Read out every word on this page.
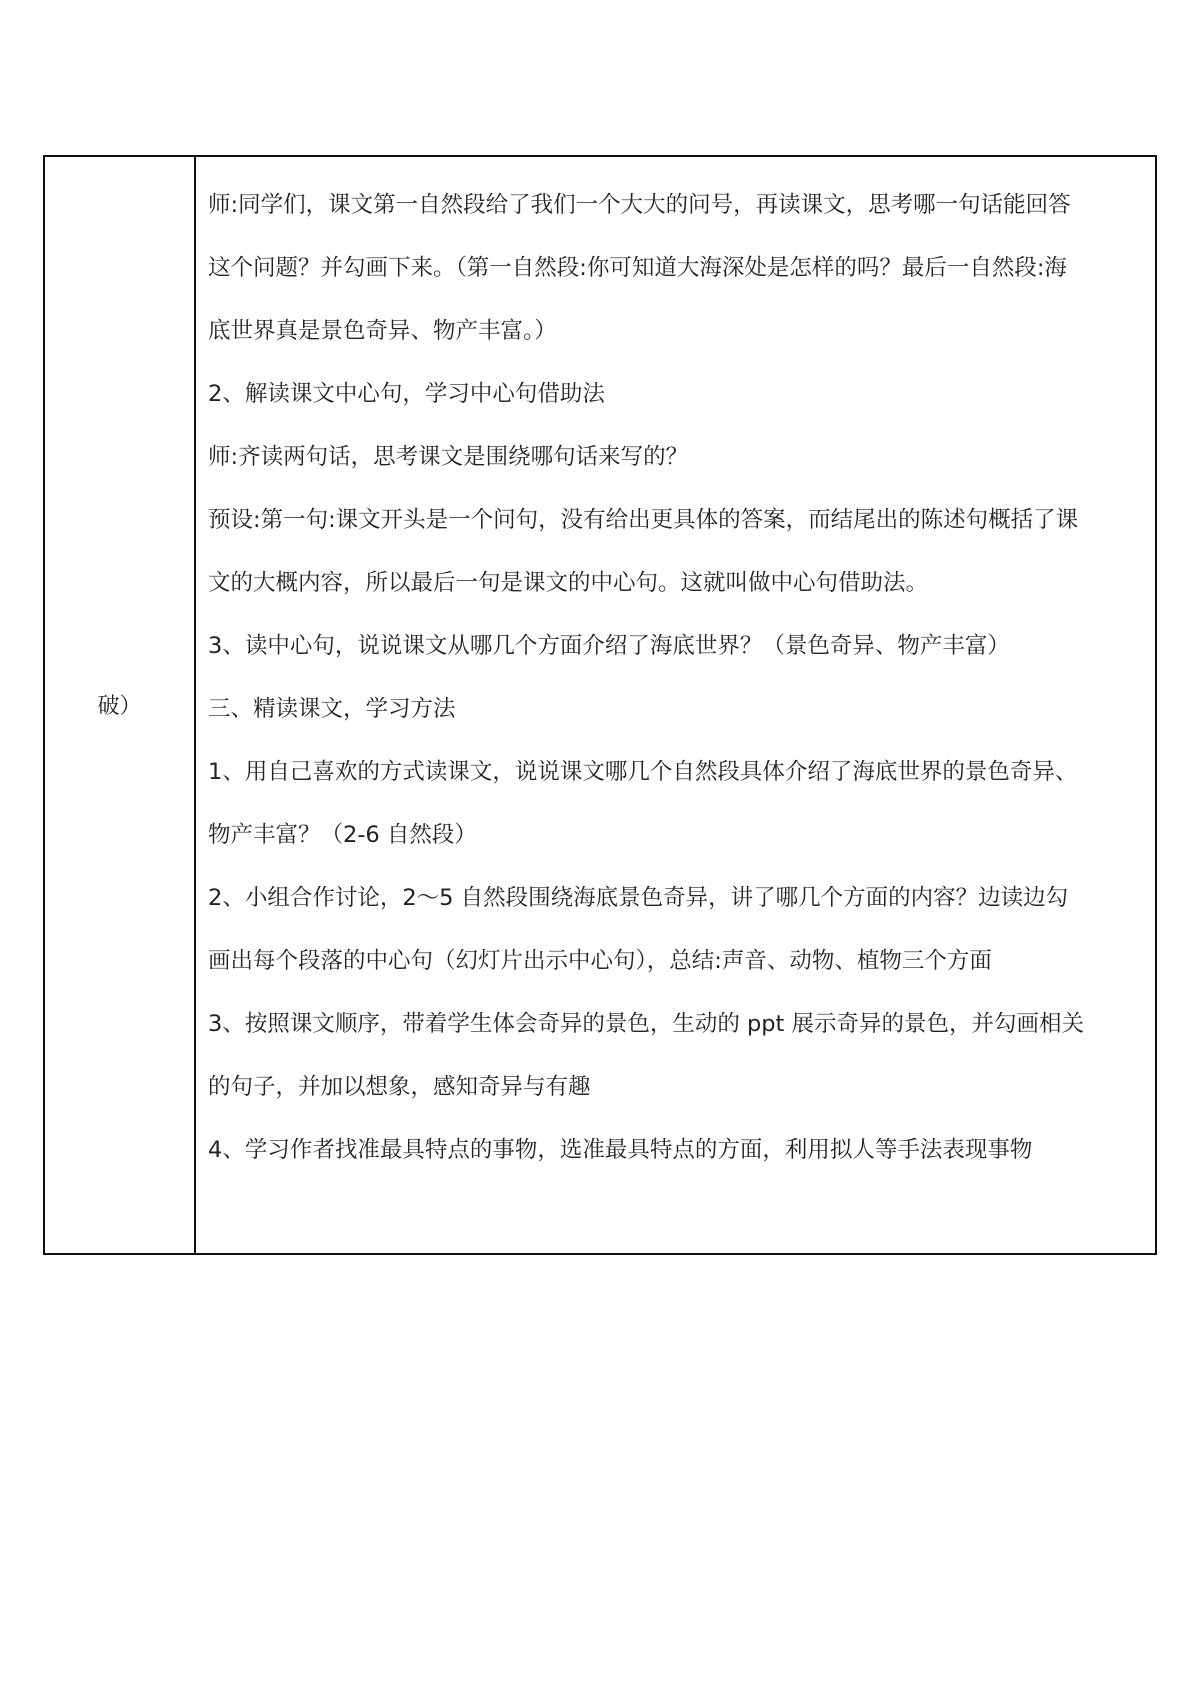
破）
师:同学们，课文第一自然段给了我们一个大大的问号，再读课文，思考哪一句话能回答
这个问题？并勾画下来。（第一自然段:你可知道大海深处是怎样的吗？最后一自然段:海
底世界真是景色奇异、物产丰富。）
2、解读课文中心句，学习中心句借助法
师:齐读两句话，思考课文是围绕哪句话来写的？
预设:第一句:课文开头是一个问句，没有给出更具体的答案，而结尾出的陈述句概括了课
文的大概内容，所以最后一句是课文的中心句。这就叫做中心句借助法。
3、读中心句，说说课文从哪几个方面介绍了海底世界？（景色奇异、物产丰富）
三、精读课文，学习方法
1、用自己喜欢的方式读课文，说说课文哪几个自然段具体介绍了海底世界的景色奇异、
物产丰富？（2-6 自然段）
2、小组合作讨论，2～5 自然段围绕海底景色奇异，讲了哪几个方面的内容？边读边勾
画出每个段落的中心句（幻灯片出示中心句），总结:声音、动物、植物三个方面
3、按照课文顺序，带着学生体会奇异的景色，生动的 ppt 展示奇异的景色，并勾画相关
的句子，并加以想象，感知奇异与有趣
4、学习作者找准最具特点的事物，选准最具特点的方面，利用拟人等手法表现事物
